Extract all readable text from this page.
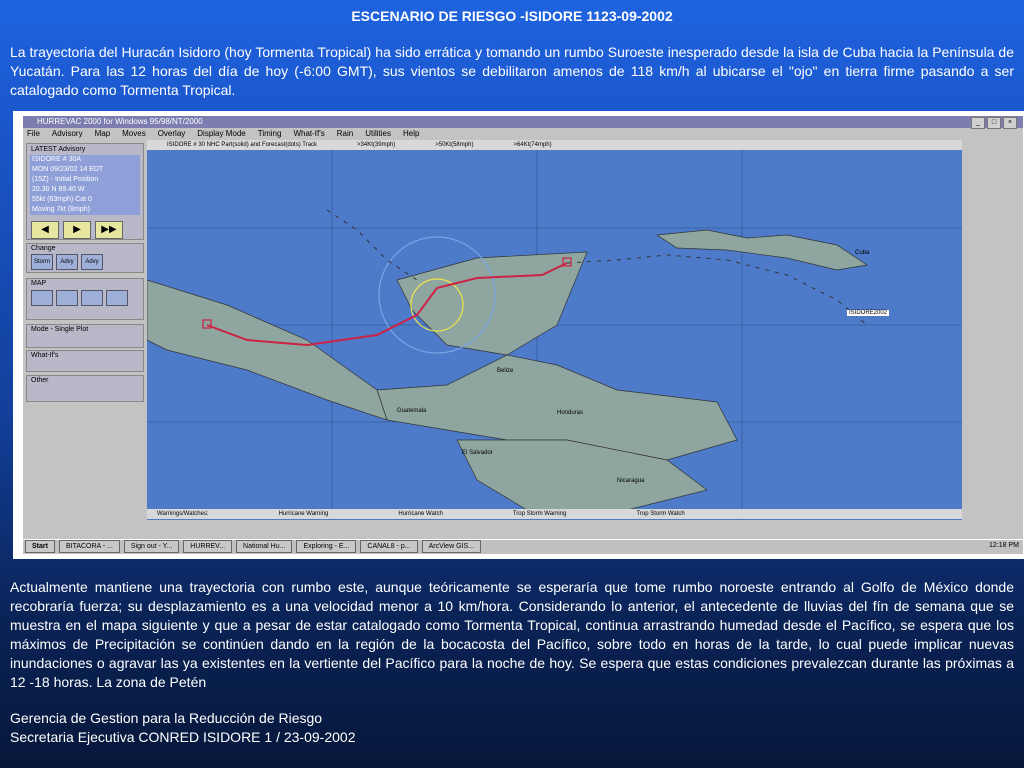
ESCENARIO DE RIESGO -ISIDORE 1123-09-2002
La trayectoria del Huracán Isidoro (hoy Tormenta Tropical) ha sido errática y tomando un rumbo Suroeste inesperado desde la isla de Cuba hacia la Península de Yucatán. Para las 12 horas del día de hoy (-6:00 GMT), sus vientos se debilitaron amenos de 118 km/h al ubicarse el "ojo" en tierra firme pasando a ser catalogado como Tormenta Tropical.
HURREVAC 2000 for Windows 95/98/NT/2000	_	□	×
File Advisory Map Moves Overlay Display Mode Timing What-If's Rain Utilities Help
LATEST Advisory
ISIDORE # 30A
MON 09/23/02 14 EDT
(15Z) - Initial Position
20.30 N 89.40 W
55kt (63mph) Cat 0
Moving 7kt (8mph)
◀	▶	▶▶
Change
Storm	Advy	Advy
MAP
Mode - Single Plot
What-If's
Other
ISIDORE # 30 NHC Part(solid) and Forecast(dots) Track	>34Kt(39mph)	>50Kt(58mph)	>64Kt(74mph)
Cuba
ISIDORE2002
Belize
Guatemala	Honduras
El Salvador
Nicaragua
Warnings/Watches:	Hurricane Warning	Hurricane Watch	Trop Storm Warning	Trop Storm Watch
Start	BITACORA - ...	Sign out - Y...	HURREV...	National Hu...	Exploring - E...	CANAL8 - p...	ArcView GIS...	12:18 PM
Actualmente mantiene una trayectoria con rumbo este, aunque teóricamente se esperaría que tome rumbo noroeste entrando al Golfo de México donde recobraría fuerza; su desplazamiento es a una velocidad menor a 10 km/hora. Considerando lo anterior, el antecedente de lluvias del fín de semana que se muestra en el mapa siguiente y que a pesar de estar catalogado como Tormenta Tropical, continua arrastrando humedad desde el Pacífico, se espera que los máximos de Precipitación se continúen dando en la región de la bocacosta del Pacífico, sobre todo en horas de la tarde, lo cual puede implicar nuevas inundaciones o agravar las ya existentes en la vertiente del Pacífico para la noche de hoy. Se espera que estas condiciones prevalezcan durante las próximas a 12 -18 horas. La zona de Petén
Gerencia de Gestion para la Reducción de Riesgo
Secretaria Ejecutiva CONRED ISIDORE 1 / 23-09-2002
